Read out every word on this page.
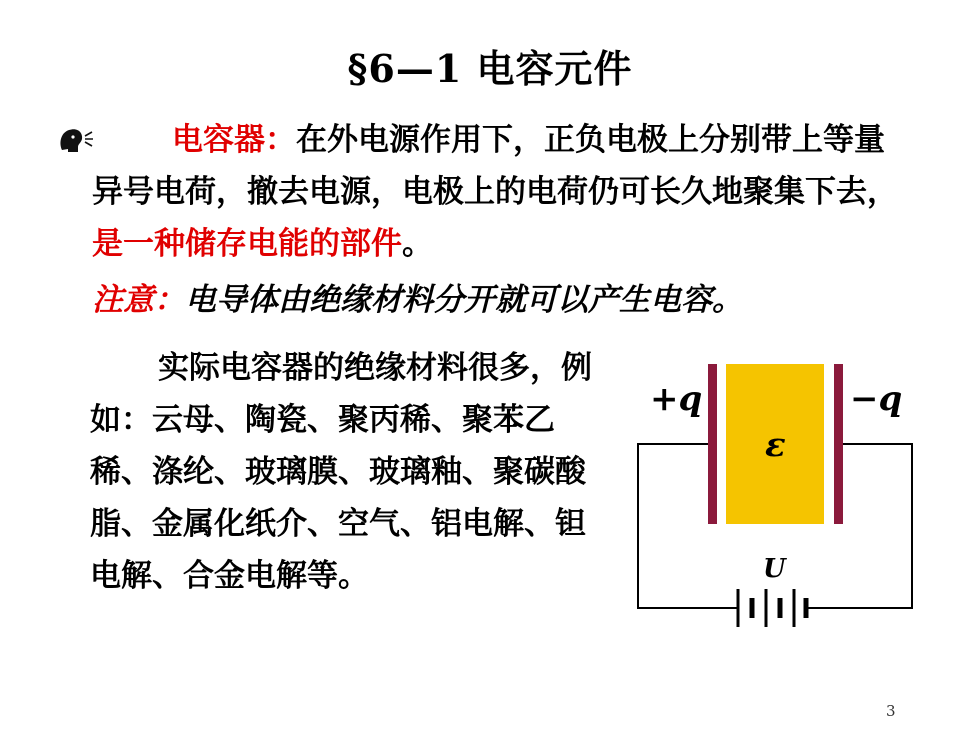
§6—1 电容元件
电容器：在外电源作用下，正负电极上分别带上等量异号电荷，撤去电源，电极上的电荷仍可长久地聚集下去，是一种储存电能的部件。
注意：电导体由绝缘材料分开就可以产生电容。
实际电容器的绝缘材料很多，例如：云母、陶瓷、聚丙稀、聚苯乙稀、涤纶、玻璃膜、玻璃釉、聚碳酸脂、金属化纸介、空气、铝电解、钽电解、合金电解等。
+q	−q
ε
U
3
